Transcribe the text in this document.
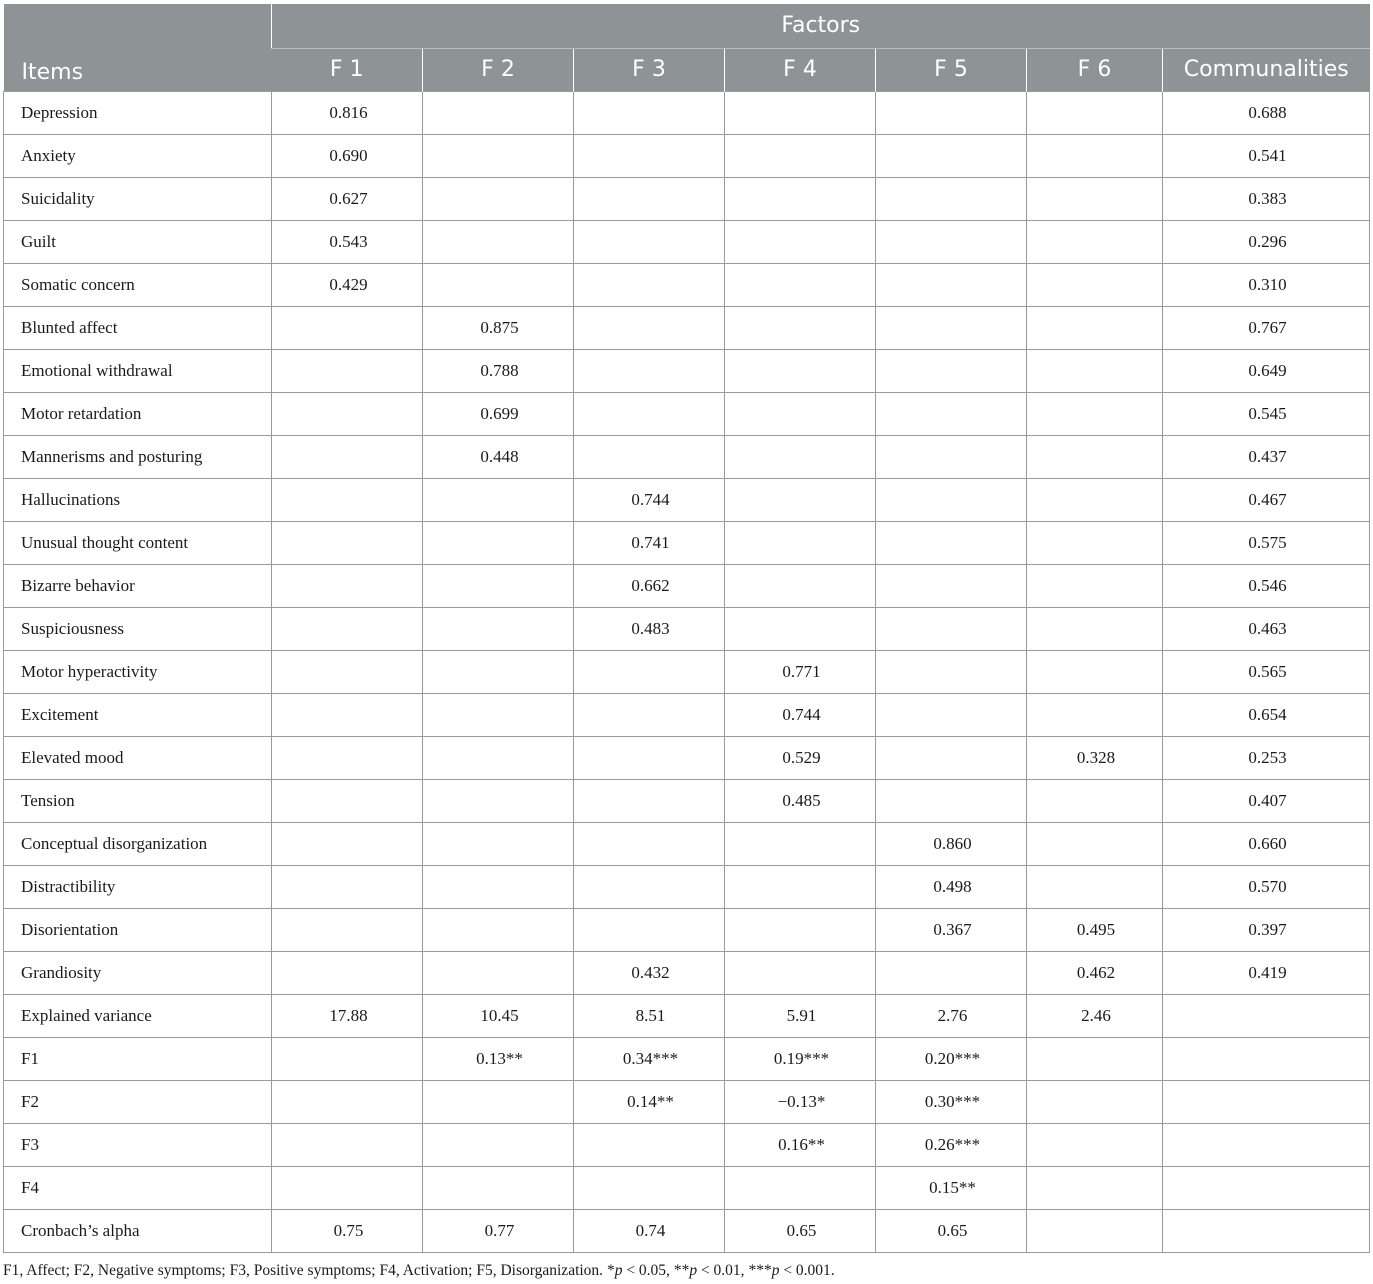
Items	Factors						
	F 1	F 2	F 3	F 4	F 5	F 6	Communalities
Depression	0.816						0.688
Anxiety	0.690						0.541
Suicidality	0.627						0.383
Guilt	0.543						0.296
Somatic concern	0.429						0.310
Blunted affect		0.875					0.767
Emotional withdrawal		0.788					0.649
Motor retardation		0.699					0.545
Mannerisms and posturing		0.448					0.437
Hallucinations			0.744				0.467
Unusual thought content			0.741				0.575
Bizarre behavior			0.662				0.546
Suspiciousness			0.483				0.463
Motor hyperactivity				0.771			0.565
Excitement				0.744			0.654
Elevated mood				0.529		0.328	0.253
Tension				0.485			0.407
Conceptual disorganization					0.860		0.660
Distractibility					0.498		0.570
Disorientation					0.367	0.495	0.397
Grandiosity			0.432			0.462	0.419
Explained variance	17.88	10.45	8.51	5.91	2.76	2.46	
F1		0.13**	0.34***	0.19***	0.20***		
F2			0.14**	−0.13*	0.30***		
F3				0.16**	0.26***		
F4					0.15**		
Cronbach’s alpha	0.75	0.77	0.74	0.65	0.65		

F1, Affect; F2, Negative symptoms; F3, Positive symptoms; F4, Activation; F5, Disorganization. *p < 0.05, **p < 0.01, ***p < 0.001.
